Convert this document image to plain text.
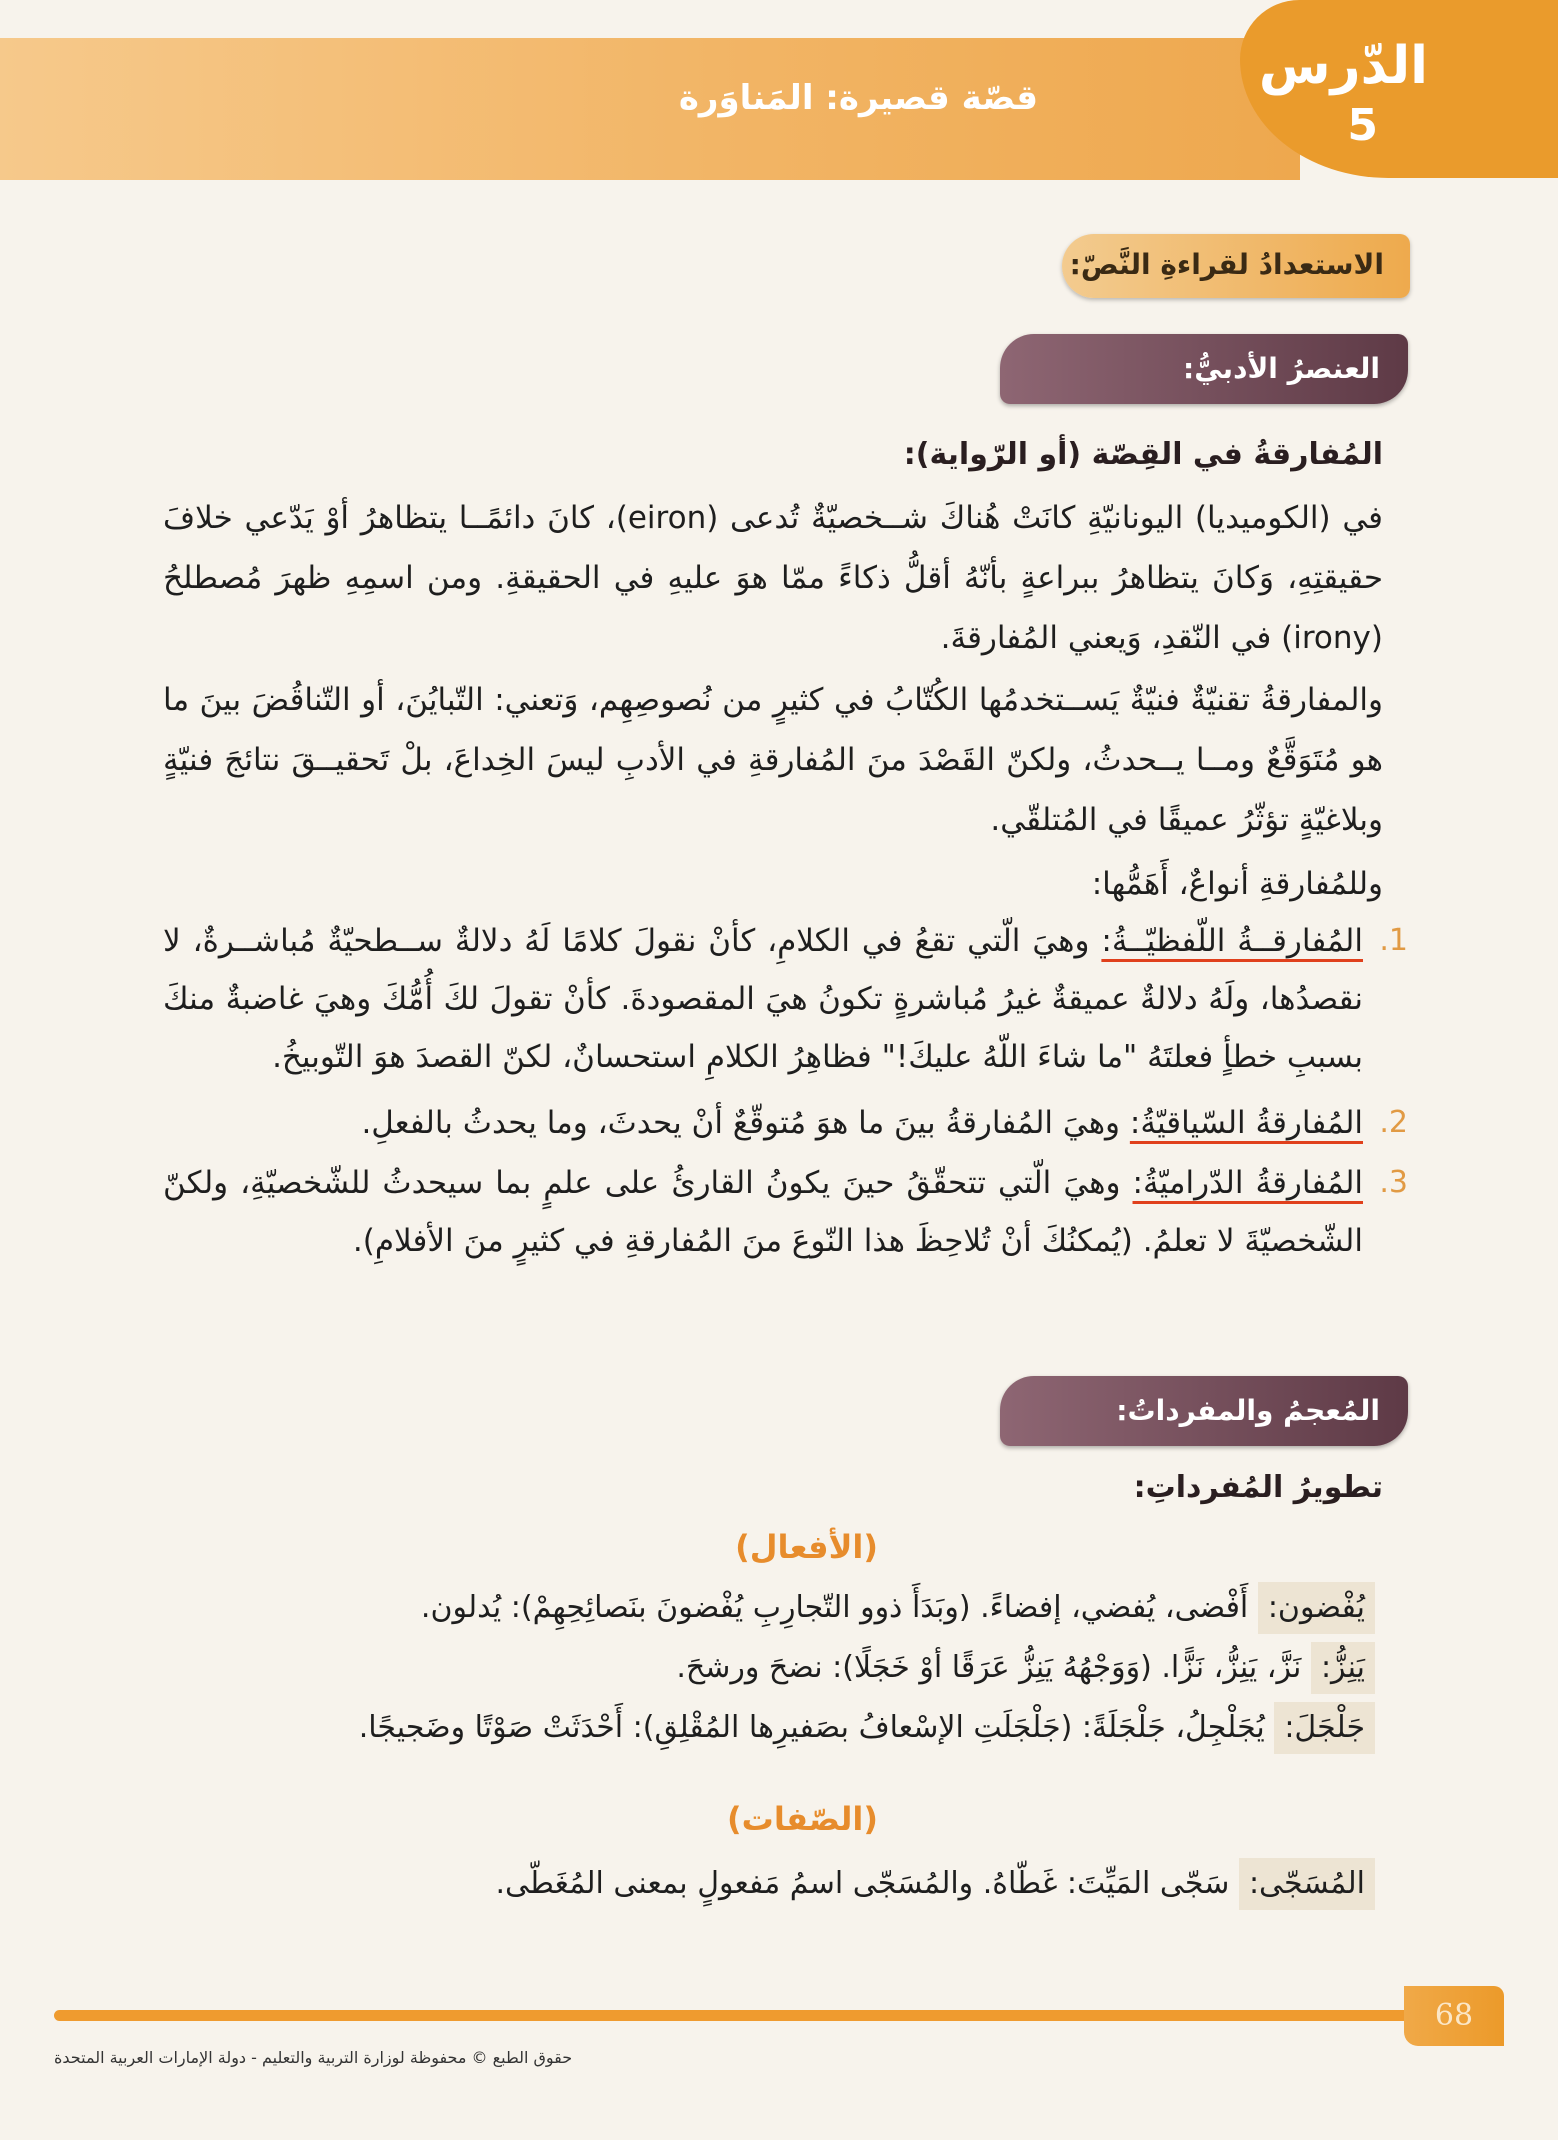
قصّة قصيرة: المَناوَرة
الدّرس
5
الاستعدادُ لقراءةِ النَّصّ:
العنصرُ الأدبيُّ:
المُفارقةُ في القِصّة (أو الرّواية):
في (الكوميديا) اليونانيّةِ كانَتْ هُناكَ شــخصيّةٌ تُدعى (eiron)، كانَ دائمًــا يتظاهرُ أوْ يَدّعي خلافَ حقيقتِهِ، وَكانَ يتظاهرُ ببراعةٍ بأنّهُ أقلُّ ذكاءً ممّا هوَ عليهِ في الحقيقةِ. ومن اسمِهِ ظهرَ مُصطلحُ (irony) في النّقدِ، وَيعني المُفارقةَ.
والمفارقةُ تقنيّةٌ فنيّةٌ يَســتخدمُها الكُتّابُ في كثيرٍ من نُصوصِهِم، وَتعني: التّبايُنَ، أو التّناقُضَ بينَ ما هو مُتَوَقَّعٌ ومــا يــحدثُ، ولكنّ القَصْدَ منَ المُفارقةِ في الأدبِ ليسَ الخِداعَ، بلْ تَحقيــقَ نتائجَ فنيّةٍ وبلاغيّةٍ تؤثّرُ عميقًا في المُتلقّي.
وللمُفارقةِ أنواعٌ، أَهَمُّها:
1.
المُفارقــةُ اللّفظيّــةُ: وهيَ الّتي تقعُ في الكلامِ، كأنْ نقولَ كلامًا لَهُ دلالةٌ ســطحيّةٌ مُباشــرةٌ، لا نقصدُها، ولَهُ دلالةٌ عميقةٌ غيرُ مُباشرةٍ تكونُ هيَ المقصودةَ. كأنْ تقولَ لكَ أُمُّكَ وهيَ غاضبةٌ منكَ بسببِ خطأٍ فعلتَهُ "ما شاءَ اللّهُ عليكَ!" فظاهِرُ الكلامِ استحسانٌ، لكنّ القصدَ هوَ التّوبيخُ.
2.
المُفارقةُ السّياقيّةُ: وهيَ المُفارقةُ بينَ ما هوَ مُتوقّعٌ أنْ يحدثَ، وما يحدثُ بالفعلِ.
3.
المُفارقةُ الدّراميّةُ: وهيَ الّتي تتحقّقُ حينَ يكونُ القارئُ على علمٍ بما سيحدثُ للشّخصيّةِ، ولكنّ الشّخصيّةَ لا تعلمُ. (يُمكنُكَ أنْ تُلاحِظَ هذا النّوعَ منَ المُفارقةِ في كثيرٍ منَ الأفلامِ).
المُعجمُ والمفرداتُ:
تطويرُ المُفرداتِ:
(الأفعال)
يُفْضون: أَفْضى، يُفضي، إفضاءً. (وبَدَأَ ذوو التّجارِبِ يُفْضونَ بنَصائِحِهِمْ): يُدلون.
يَنِزُّ: نَزَّ، يَنِزُّ، نَزًّا. (وَوَجْهُهُ يَنِزُّ عَرَقًا أوْ خَجَلًا): نضحَ ورشحَ.
جَلْجَلَ: يُجَلْجِلُ، جَلْجَلَةً: (جَلْجَلَتِ الإسْعافُ بصَفيرِها المُقْلِقِ): أَحْدَثَتْ صَوْتًا وضَجيجًا.
(الصّفات)
المُسَجّى: سَجّى المَيِّتَ: غَطّاهُ. والمُسَجّى اسمُ مَفعولٍ بمعنى المُغَطّى.
68
حقوق الطبع © محفوظة لوزارة التربية والتعليم - دولة الإمارات العربية المتحدة
